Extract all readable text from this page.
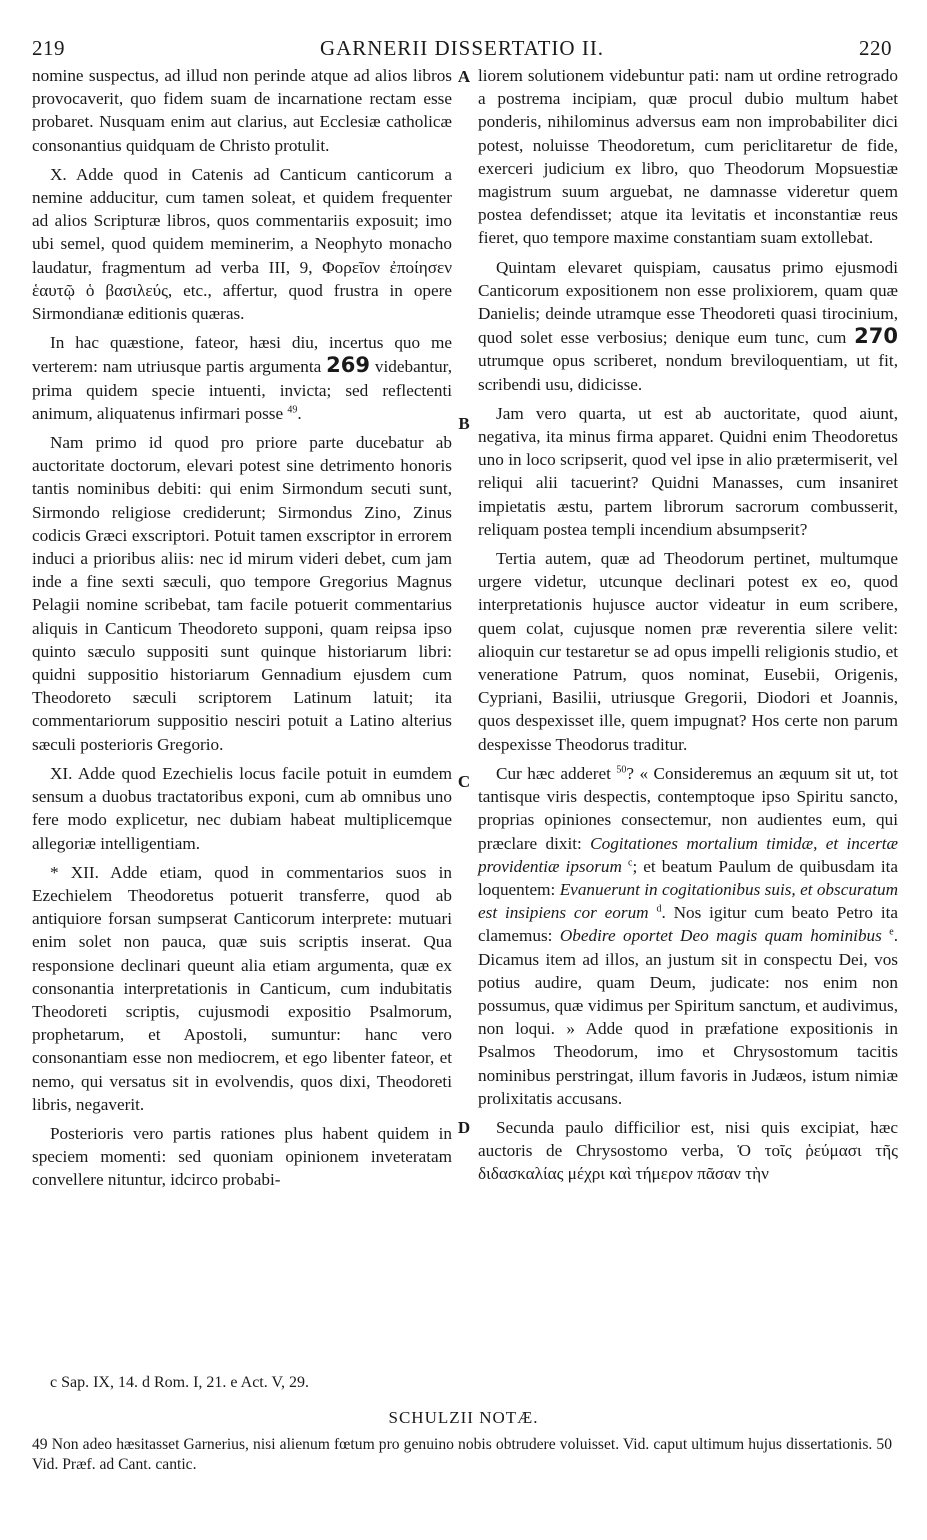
219	GARNERII DISSERTATIO II.	220

nomine suspectus, ad illud non perinde atque ad alios libros provocaverit, quo fidem suam de incarnatione rectam esse probaret. Nusquam enim aut clarius, aut Ecclesiæ catholicæ consonantius quidquam de Christo protulit.

X. Adde quod in Catenis ad Canticum canticorum a nemine adducitur, cum tamen soleat, et quidem frequenter ad alios Scripturæ libros, quos commentariis exposuit; imo ubi semel, quod quidem meminerim, a Neophyto monacho laudatur, fragmentum ad verba III, 9, Φορεῖον ἐποίησεν ἑαυτῷ ὁ βασιλεύς, etc., affertur, quod frustra in opere Sirmondianæ editionis quæras.

In hac quæstione, fateor, hæsi diu, incertus quo me verterem: nam utriusque partis argumenta 269 videbantur, prima quidem specie intuenti, invicta; sed reflectenti animum, aliquatenus infirmari posse $^{49}$.

Nam primo id quod pro priore parte ducebatur ab auctoritate doctorum, elevari potest sine detrimento honoris tantis nominibus debiti: qui enim Sirmondum secuti sunt, Sirmondo religiose crediderunt; Sirmondus Zino, Zinus codicis Græci exscriptori. Potuit tamen exscriptor in errorem induci a prioribus aliis: nec id mirum videri debet, cum jam inde a fine sexti sæculi, quo tempore Gregorius Magnus Pelagii nomine scribebat, tam facile potuerit commentarius aliquis in Canticum Theodoreto supponi, quam reipsa ipso quinto sæculo suppositi sunt quinque historiarum libri: quidni suppositio historiarum Gennadium ejusdem cum Theodoreto sæculi scriptorem Latinum latuit; ita commentariorum suppositio nesciri potuit a Latino alterius sæculi posterioris Gregorio.

XI. Adde quod Ezechielis locus facile potuit in eumdem sensum a duobus tractatoribus exponi, cum ab omnibus uno fere modo explicetur, nec dubiam habeat multiplicemque allegoriæ intelligentiam.

* XII. Adde etiam, quod in commentarios suos in Ezechielem Theodoretus potuerit transferre, quod ab antiquiore forsan sumpserat Canticorum interprete: mutuari enim solet non pauca, quæ suis scriptis inserat. Qua responsione declinari queunt alia etiam argumenta, quæ ex consonantia interpretationis in Canticum, cum indubitatis Theodoreti scriptis, cujusmodi expositio Psalmorum, prophetarum, et Apostoli, sumuntur: hanc vero consonantiam esse non mediocrem, et ego libenter fateor, et nemo, qui versatus sit in evolvendis, quos dixi, Theodoreti libris, negaverit.

Posterioris vero partis rationes plus habent quidem in speciem momenti: sed quoniam opinionem inveteratam convellere nituntur, idcirco probabi-

A
B
C
D

liorem solutionem videbuntur pati: nam ut ordine retrogrado a postrema incipiam, quæ procul dubio multum habet ponderis, nihilominus adversus eam non improbabiliter dici potest, noluisse Theodoretum, cum periclitaretur de fide, exerceri judicium ex libro, quo Theodorum Mopsuestiæ magistrum suum arguebat, ne damnasse videretur quem postea defendisset; atque ita levitatis et inconstantiæ reus fieret, quo tempore maxime constantiam suam extollebat.

Quintam elevaret quispiam, causatus primo ejusmodi Canticorum expositionem non esse prolixiorem, quam quæ Danielis; deinde utramque esse Theodoreti quasi tirocinium, quod solet esse verbosius; denique eum tunc, cum 270 utrumque opus scriberet, nondum breviloquentiam, ut fit, scribendi usu, didicisse.

Jam vero quarta, ut est ab auctoritate, quod aiunt, negativa, ita minus firma apparet. Quidni enim Theodoretus uno in loco scripserit, quod vel ipse in alio prætermiserit, vel reliqui alii tacuerint? Quidni Manasses, cum insaniret impietatis æstu, partem librorum sacrorum combusserit, reliquam postea templi incendium absumpserit?

Tertia autem, quæ ad Theodorum pertinet, multumque urgere videtur, utcunque declinari potest ex eo, quod interpretationis hujusce auctor videatur in eum scribere, quem colat, cujusque nomen præ reverentia silere velit: alioquin cur testaretur se ad opus impelli religionis studio, et veneratione Patrum, quos nominat, Eusebii, Origenis, Cypriani, Basilii, utriusque Gregorii, Diodori et Joannis, quos despexisset ille, quem impugnat? Hos certe non parum despexisse Theodorus traditur.

Cur hæc adderet $^{50}$? « Consideremus an æquum sit ut, tot tantisque viris despectis, contemptoque ipso Spiritu sancto, proprias opiniones consectemur, non audientes eum, qui præclare dixit: Cogitationes mortalium timidæ, et incertæ providentiæ ipsorum $^c$; et beatum Paulum de quibusdam ita loquentem: Evanuerunt in cogitationibus suis, et obscuratum est insipiens cor eorum $^d$. Nos igitur cum beato Petro ita clamemus: Obedire oportet Deo magis quam hominibus $^e$. Dicamus item ad illos, an justum sit in conspectu Dei, vos potius audire, quam Deum, judicate: nos enim non possumus, quæ vidimus per Spiritum sanctum, et audivimus, non loqui. » Adde quod in præfatione expositionis in Psalmos Theodorum, imo et Chrysostomum tacitis nominibus perstringat, illum favoris in Judæos, istum nimiæ prolixitatis accusans.

Secunda paulo difficilior est, nisi quis excipiat, hæc auctoris de Chrysostomo verba, Ὁ τοῖς ῥεύμασι τῆς διδασκαλίας μέχρι καὶ τήμερον πᾶσαν τὴν

c Sap. IX, 14. d Rom. I, 21. e Act. V, 29.
SCHULZII NOTÆ.
49 Non adeo hæsitasset Garnerius, nisi alienum fœtum pro genuino nobis obtrudere voluisset. Vid. caput ultimum hujus dissertationis. 50 Vid. Præf. ad Cant. cantic.
